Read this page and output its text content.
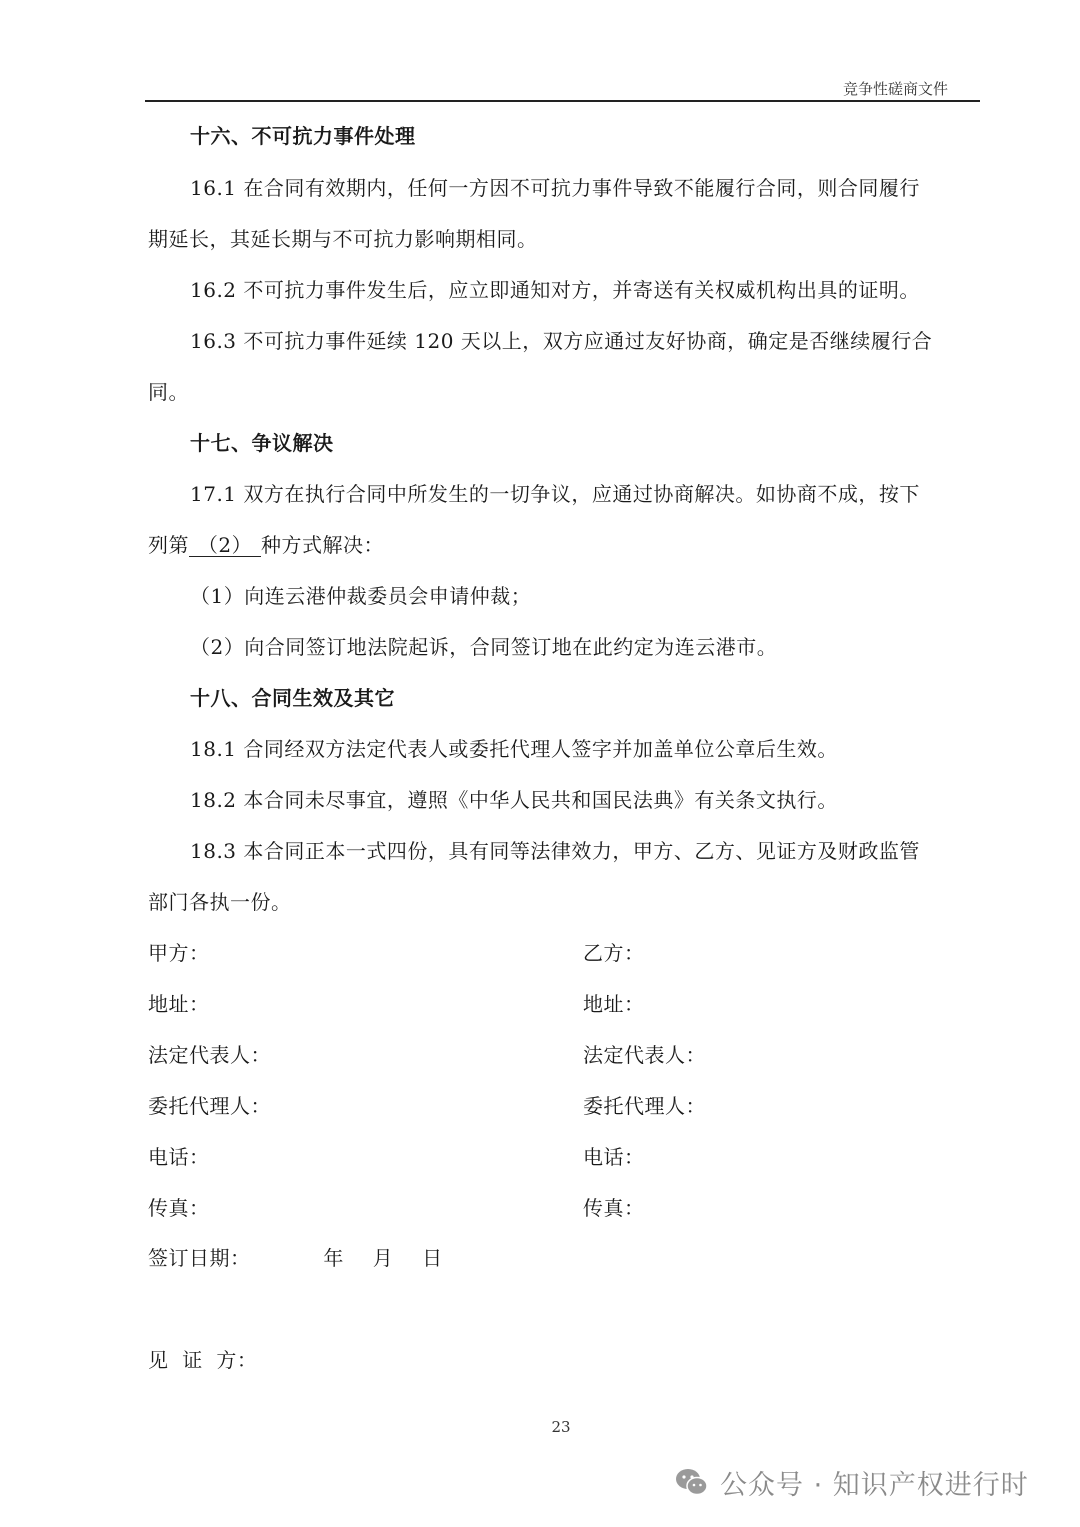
竞争性磋商文件
十六、不可抗力事件处理
16.1 在合同有效期内，任何一方因不可抗力事件导致不能履行合同，则合同履行
期延长，其延长期与不可抗力影响期相同。
16.2 不可抗力事件发生后，应立即通知对方，并寄送有关权威机构出具的证明。
16.3 不可抗力事件延续 120 天以上，双方应通过友好协商，确定是否继续履行合
同。
十七、争议解决
17.1 双方在执行合同中所发生的一切争议，应通过协商解决。如协商不成，按下
列第 （2） 种方式解决：
（1）向连云港仲裁委员会申请仲裁；
（2）向合同签订地法院起诉，合同签订地在此约定为连云港市。
十八、合同生效及其它
18.1 合同经双方法定代表人或委托代理人签字并加盖单位公章后生效。
18.2 本合同未尽事宜，遵照《中华人民共和国民法典》有关条文执行。
18.3 本合同正本一式四份，具有同等法律效力，甲方、乙方、见证方及财政监管
部门各执一份。
甲方：	乙方：
地址：	地址：
法定代表人：	法定代表人：
委托代理人：	委托代理人：
电话：	电话：
传真：	传真：
签订日期：	年 月 日
见  证  方：
23
公众号 · 知识产权进行时
